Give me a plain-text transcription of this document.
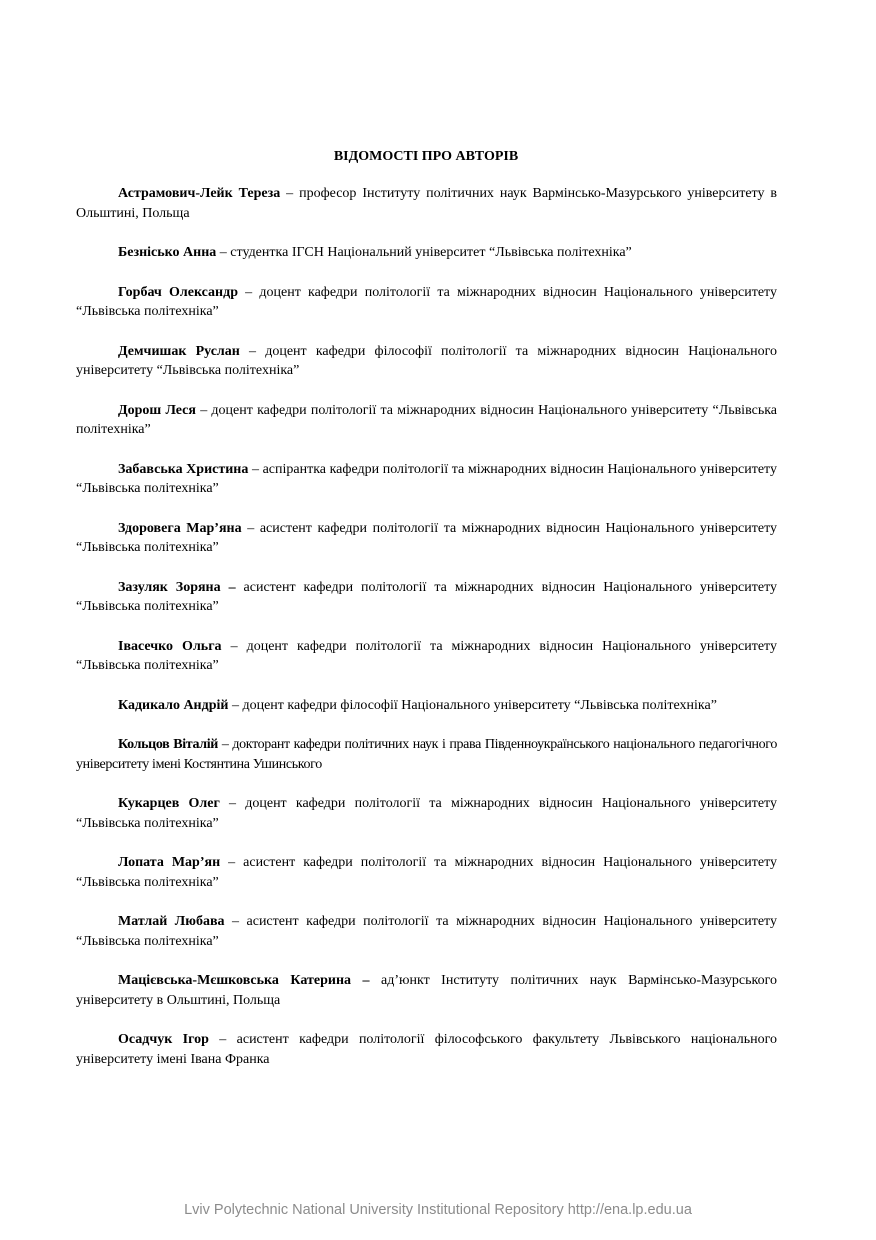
ВІДОМОСТІ ПРО АВТОРІВ

Астрамович-Лейк Тереза – професор Інституту політичних наук Вармінсько-Мазурського університету в Ольштині, Польща

Безнісько Анна – студентка ІГСН Національний університет “Львівська політехніка”

Горбач Олександр – доцент кафедри політології та міжнародних відносин Національного університету “Львівська політехніка”

Демчишак Руслан – доцент кафедри філософії політології та міжнародних відносин Національного університету “Львівська політехніка”

Дорош Леся – доцент кафедри політології та міжнародних відносин Національного університету “Львівська політехніка”

Забавська Христина – аспірантка кафедри політології та міжнародних відносин Національного університету “Львівська політехніка”

Здоровега Мар’яна – асистент кафедри політології та міжнародних відносин Національного університету “Львівська політехніка”

Зазуляк Зоряна – асистент кафедри політології та міжнародних відносин Національного університету “Львівська політехніка”

Івасечко Ольга – доцент кафедри політології та міжнародних відносин Національного університету “Львівська політехніка”

Кадикало Андрій – доцент кафедри філософії Національного університету “Львівська політехніка”

Кольцов Віталій – докторант кафедри політичних наук і права Південноукраїнського національного педагогічного університету імені Костянтина Ушинського

Кукарцев Олег – доцент кафедри політології та міжнародних відносин Національного університету “Львівська політехніка”

Лопата Мар’ян – асистент кафедри політології та міжнародних відносин Національного університету “Львівська політехніка”

Матлай Любава – асистент кафедри політології та міжнародних відносин Національного університету “Львівська політехніка”

Мацієвська-Мєшковська Катерина – ад’юнкт Інституту політичних наук Вармінсько-Мазурського університету в Ольштині, Польща

Осадчук Ігор – асистент кафедри політології філософського факультету Львівського національного університету імені Івана Франка

Lviv Polytechnic National University Institutional Repository http://ena.lp.edu.ua
